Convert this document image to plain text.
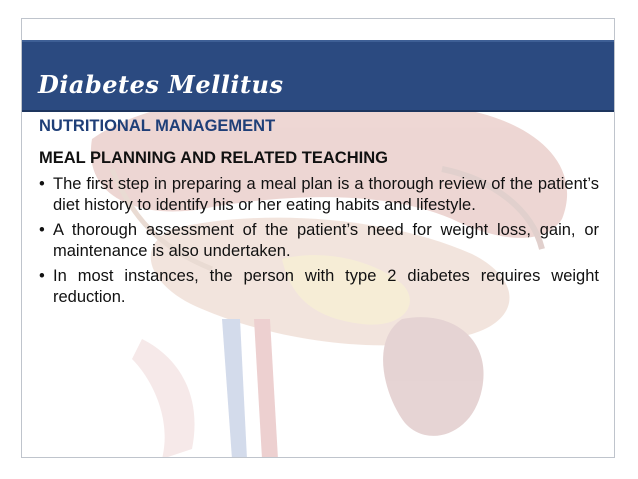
Diabetes Mellitus
NUTRITIONAL MANAGEMENT
MEAL PLANNING AND RELATED TEACHING
• The first step in preparing a meal plan is a thorough review of the patient’s diet history to identify his or her eating habits and lifestyle.
• A thorough assessment of the patient’s need for weight loss, gain, or maintenance is also undertaken.
• In most instances, the person with type 2 diabetes requires weight reduction.
